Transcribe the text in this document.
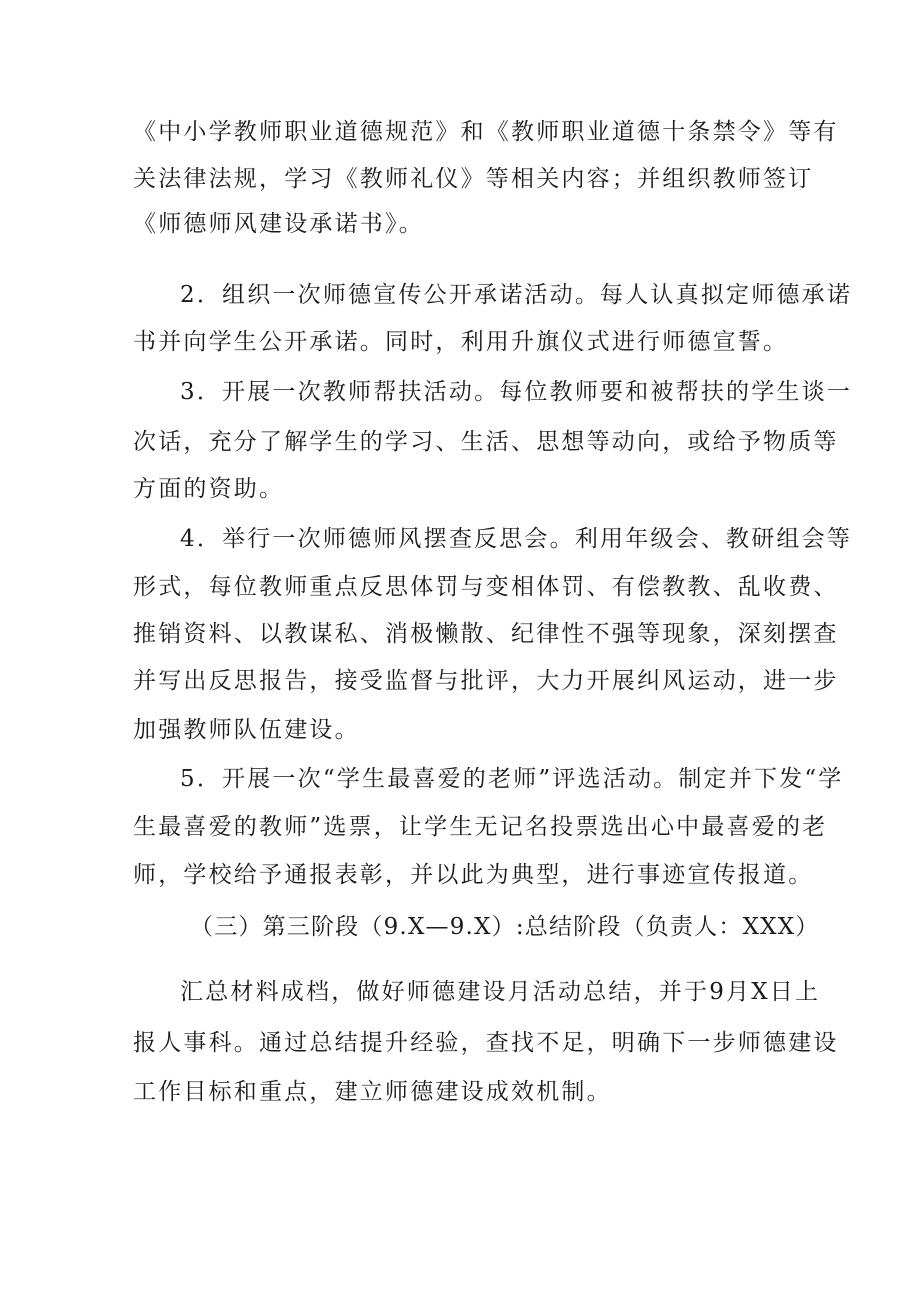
《中小学教师职业道德规范》和《教师职业道德十条禁令》等有
关法律法规，学习《教师礼仪》等相关内容；并组织教师签订
《师德师风建设承诺书》。
2．组织一次师德宣传公开承诺活动。每人认真拟定师德承诺
书并向学生公开承诺。同时，利用升旗仪式进行师德宣誓。
3．开展一次教师帮扶活动。每位教师要和被帮扶的学生谈一
次话，充分了解学生的学习、生活、思想等动向，或给予物质等
方面的资助。
4．举行一次师德师风摆查反思会。利用年级会、教研组会等
形式，每位教师重点反思体罚与变相体罚、有偿教教、乱收费、
推销资料、以教谋私、消极懒散、纪律性不强等现象，深刻摆查
并写出反思报告，接受监督与批评，大力开展纠风运动，进一步
加强教师队伍建设。
5．开展一次“学生最喜爱的老师”评选活动。制定并下发“学
生最喜爱的教师”选票，让学生无记名投票选出心中最喜爱的老
师，学校给予通报表彰，并以此为典型，进行事迹宣传报道。
（三）第三阶段（9.X—9.X）:总结阶段（负责人：XXX）
汇总材料成档，做好师德建设月活动总结，并于9月X日上
报人事科。通过总结提升经验，查找不足，明确下一步师德建设
工作目标和重点，建立师德建设成效机制。
